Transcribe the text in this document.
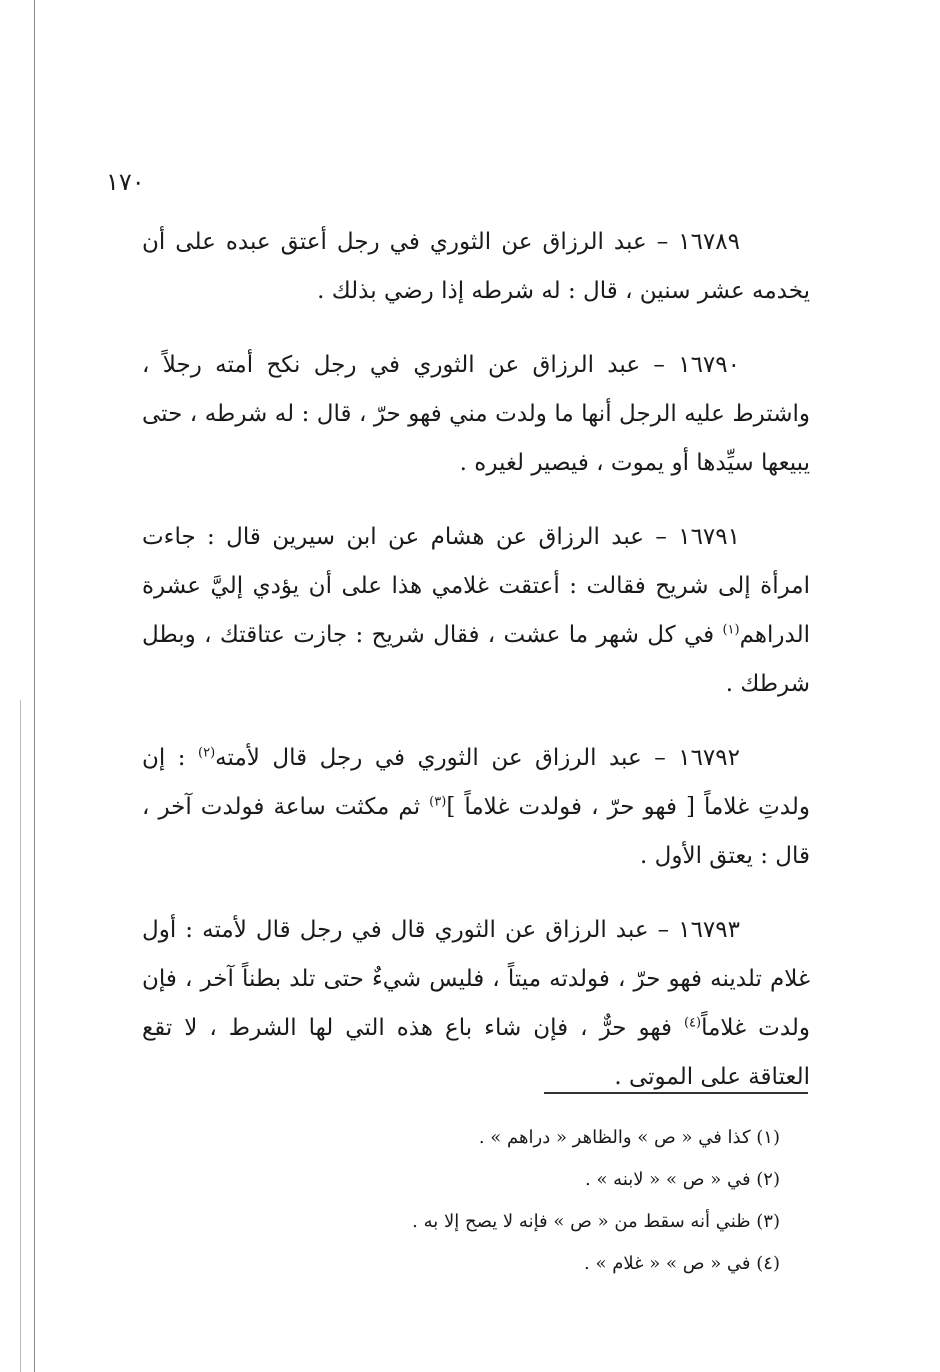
١٧٠

١٦٧٨٩ – عبد الرزاق عن الثوري في رجل أعتق عبده على أن يخدمه عشر سنين ، قال : له شرطه إذا رضي بذلك .

١٦٧٩٠ – عبد الرزاق عن الثوري في رجل نكح أمته رجلاً ، واشترط عليه الرجل أنها ما ولدت مني فهو حرّ ، قال : له شرطه ، حتى يبيعها سيِّدها أو يموت ، فيصير لغيره .

١٦٧٩١ – عبد الرزاق عن هشام عن ابن سيرين قال : جاءت امرأة إلى شريح فقالت : أعتقت غلامي هذا على أن يؤدي إليَّ عشرة الدراهم$^{(١)}$ في كل شهر ما عشت ، فقال شريح : جازت عتاقتك ، وبطل شرطك .

١٦٧٩٢ – عبد الرزاق عن الثوري في رجل قال لأمته$^{(٢)}$ : إن ولدتِ غلاماً [ فهو حرّ ، فولدت غلاماً ]$^{(٣)}$ ثم مكثت ساعة فولدت آخر ، قال : يعتق الأول .

١٦٧٩٣ – عبد الرزاق عن الثوري قال في رجل قال لأمته : أول غلام تلدينه فهو حرّ ، فولدته ميتاً ، فليس شيءٌ حتى تلد بطناً آخر ، فإن ولدت غلاماً$^{(٤)}$ فهو حرٌّ ، فإن شاء باع هذه التي لها الشرط ، لا تقع العتاقة على الموتى .

(١) كذا في « ص » والظاهر « دراهم » .
(٢) في « ص » « لابنه » .
(٣) ظني أنه سقط من « ص » فإنه لا يصح إلا به .
(٤) في « ص » « غلام » .
